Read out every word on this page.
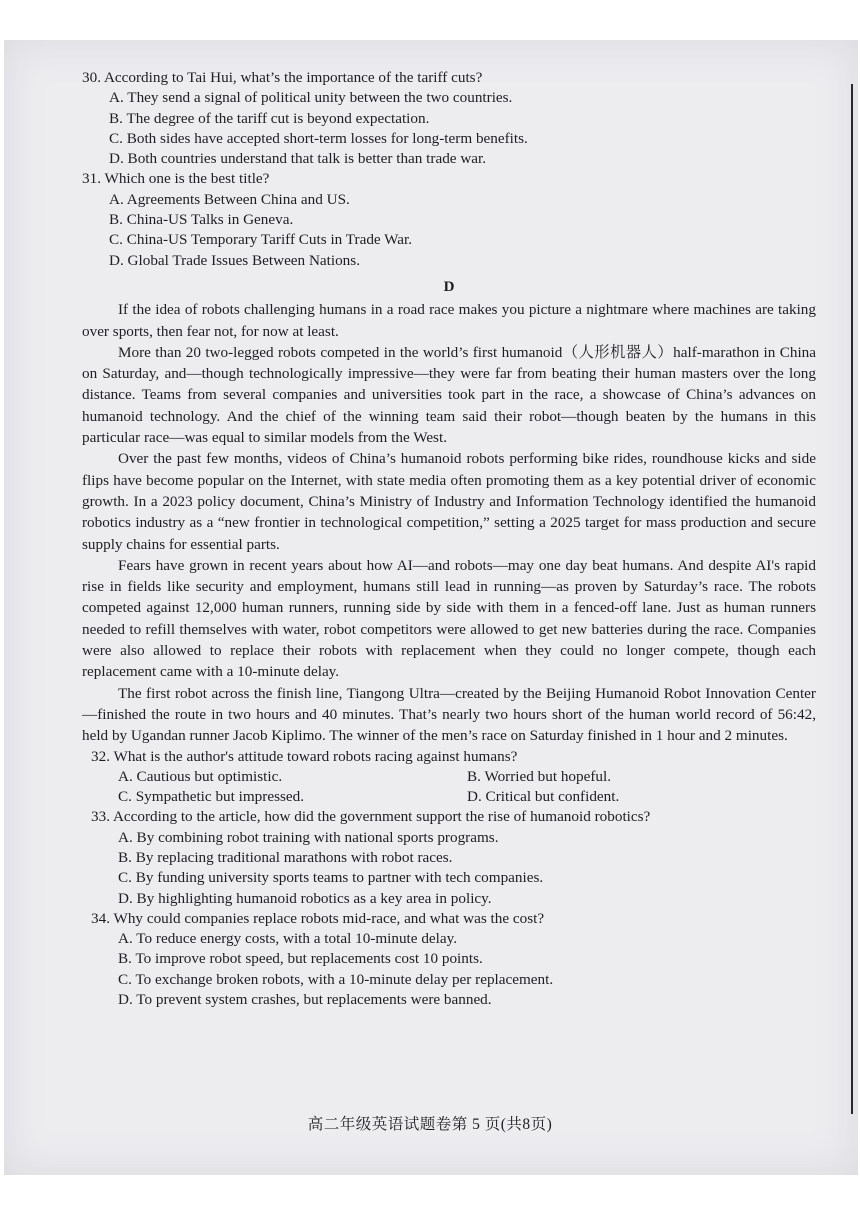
30. According to Tai Hui, what’s the importance of the tariff cuts?

A. They send a signal of political unity between the two countries.

B. The degree of the tariff cut is beyond expectation.

C. Both sides have accepted short-term losses for long-term benefits.

D. Both countries understand that talk is better than trade war.

31. Which one is the best title?

A. Agreements Between China and US.

B. China-US Talks in Geneva.

C. China-US Temporary Tariff Cuts in Trade War.

D. Global Trade Issues Between Nations.

D

If the idea of robots challenging humans in a road race makes you picture a nightmare where machines are taking over sports, then fear not, for now at least.

More than 20 two-legged robots competed in the world’s first humanoid（人形机器人）half-marathon in China on Saturday, and—though technologically impressive—they were far from beating their human masters over the long distance. Teams from several companies and universities took part in the race, a showcase of China’s advances on humanoid technology. And the chief of the winning team said their robot—though beaten by the humans in this particular race—was equal to similar models from the West.

Over the past few months, videos of China’s humanoid robots performing bike rides, roundhouse kicks and side flips have become popular on the Internet, with state media often promoting them as a key potential driver of economic growth. In a 2023 policy document, China’s Ministry of Industry and Information Technology identified the humanoid robotics industry as a “new frontier in technological competition,” setting a 2025 target for mass production and secure supply chains for essential parts.

Fears have grown in recent years about how AI—and robots—may one day beat humans. And despite AI's rapid rise in fields like security and employment, humans still lead in running—as proven by Saturday’s race. The robots competed against 12,000 human runners, running side by side with them in a fenced-off lane. Just as human runners needed to refill themselves with water, robot competitors were allowed to get new batteries during the race. Companies were also allowed to replace their robots with replacement when they could no longer compete, though each replacement came with a 10-minute delay.

The first robot across the finish line, Tiangong Ultra—created by the Beijing Humanoid Robot Innovation Center—finished the route in two hours and 40 minutes. That’s nearly two hours short of the human world record of 56:42, held by Ugandan runner Jacob Kiplimo. The winner of the men’s race on Saturday finished in 1 hour and 2 minutes.

32. What is the author's attitude toward robots racing against humans?

A. Cautious but optimistic.	B. Worried but hopeful.
C. Sympathetic but impressed.	D. Critical but confident.

33. According to the article, how did the government support the rise of humanoid robotics?

A. By combining robot training with national sports programs.

B. By replacing traditional marathons with robot races.

C. By funding university sports teams to partner with tech companies.

D. By highlighting humanoid robotics as a key area in policy.

34. Why could companies replace robots mid-race, and what was the cost?

A. To reduce energy costs, with a total 10-minute delay.

B. To improve robot speed, but replacements cost 10 points.

C. To exchange broken robots, with a 10-minute delay per replacement.

D. To prevent system crashes, but replacements were banned.

高二年级英语试题卷第 5 页(共8页)
